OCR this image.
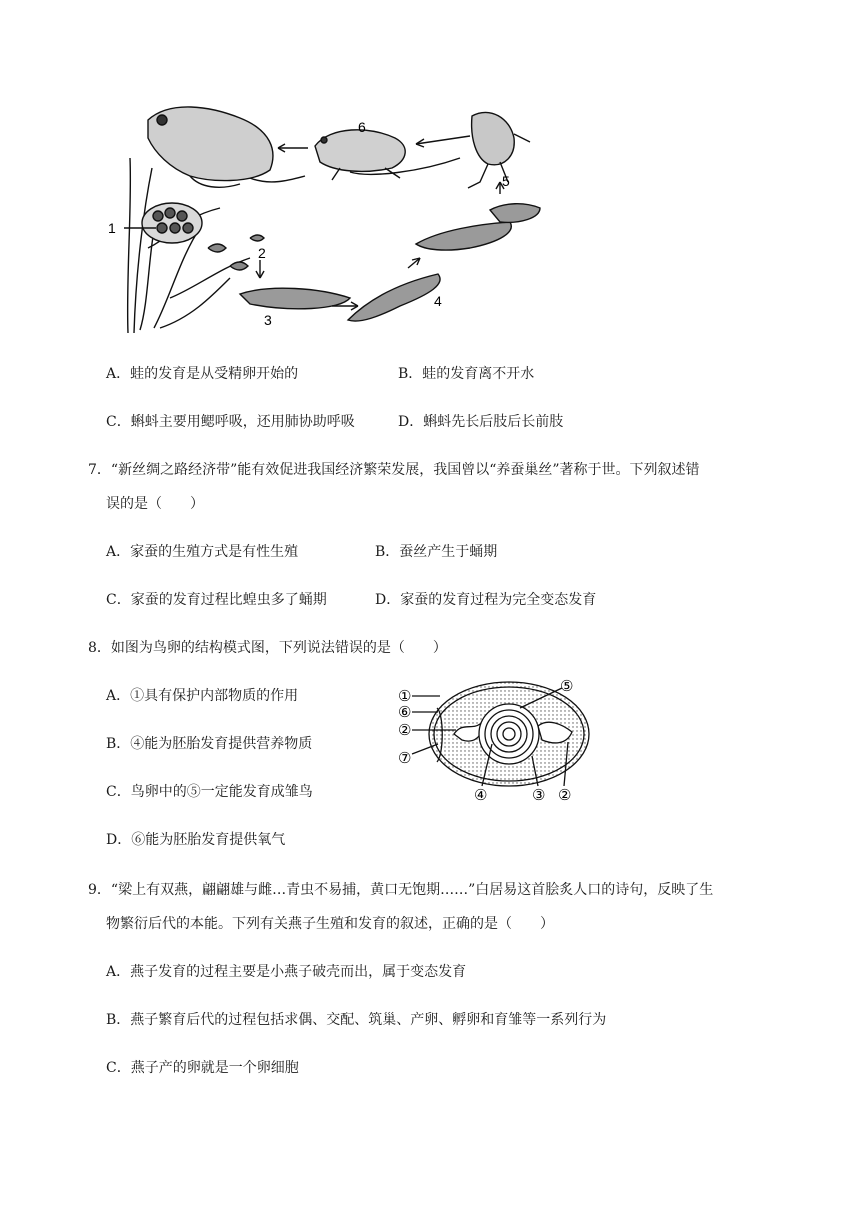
1
2
3
4
5
6
A．蛙的发育是从受精卵开始的	B．蛙的发育离不开水
C．蝌蚪主要用鳃呼吸，还用肺协助呼吸	D．蝌蚪先长后肢后长前肢
7．“新丝绸之路经济带”能有效促进我国经济繁荣发展，我国曾以“养蚕巢丝”著称于世。下列叙述错
误的是（　　）
A．家蚕的生殖方式是有性生殖	B．蚕丝产生于蛹期
C．家蚕的发育过程比蝗虫多了蛹期	D．家蚕的发育过程为完全变态发育
8．如图为鸟卵的结构模式图，下列说法错误的是（　　）
A．①具有保护内部物质的作用
B．④能为胚胎发育提供营养物质
C．鸟卵中的⑤一定能发育成雏鸟
D．⑥能为胚胎发育提供氧气
①
⑥
②
⑦
⑤
④	③ ②
9．“梁上有双燕，翩翩雄与雌…青虫不易捕，黄口无饱期……”白居易这首脍炙人口的诗句，反映了生
物繁衍后代的本能。下列有关燕子生殖和发育的叙述，正确的是（　　）
A．燕子发育的过程主要是小燕子破壳而出，属于变态发育
B．燕子繁育后代的过程包括求偶、交配、筑巢、产卵、孵卵和育雏等一系列行为
C．燕子产的卵就是一个卵细胞
